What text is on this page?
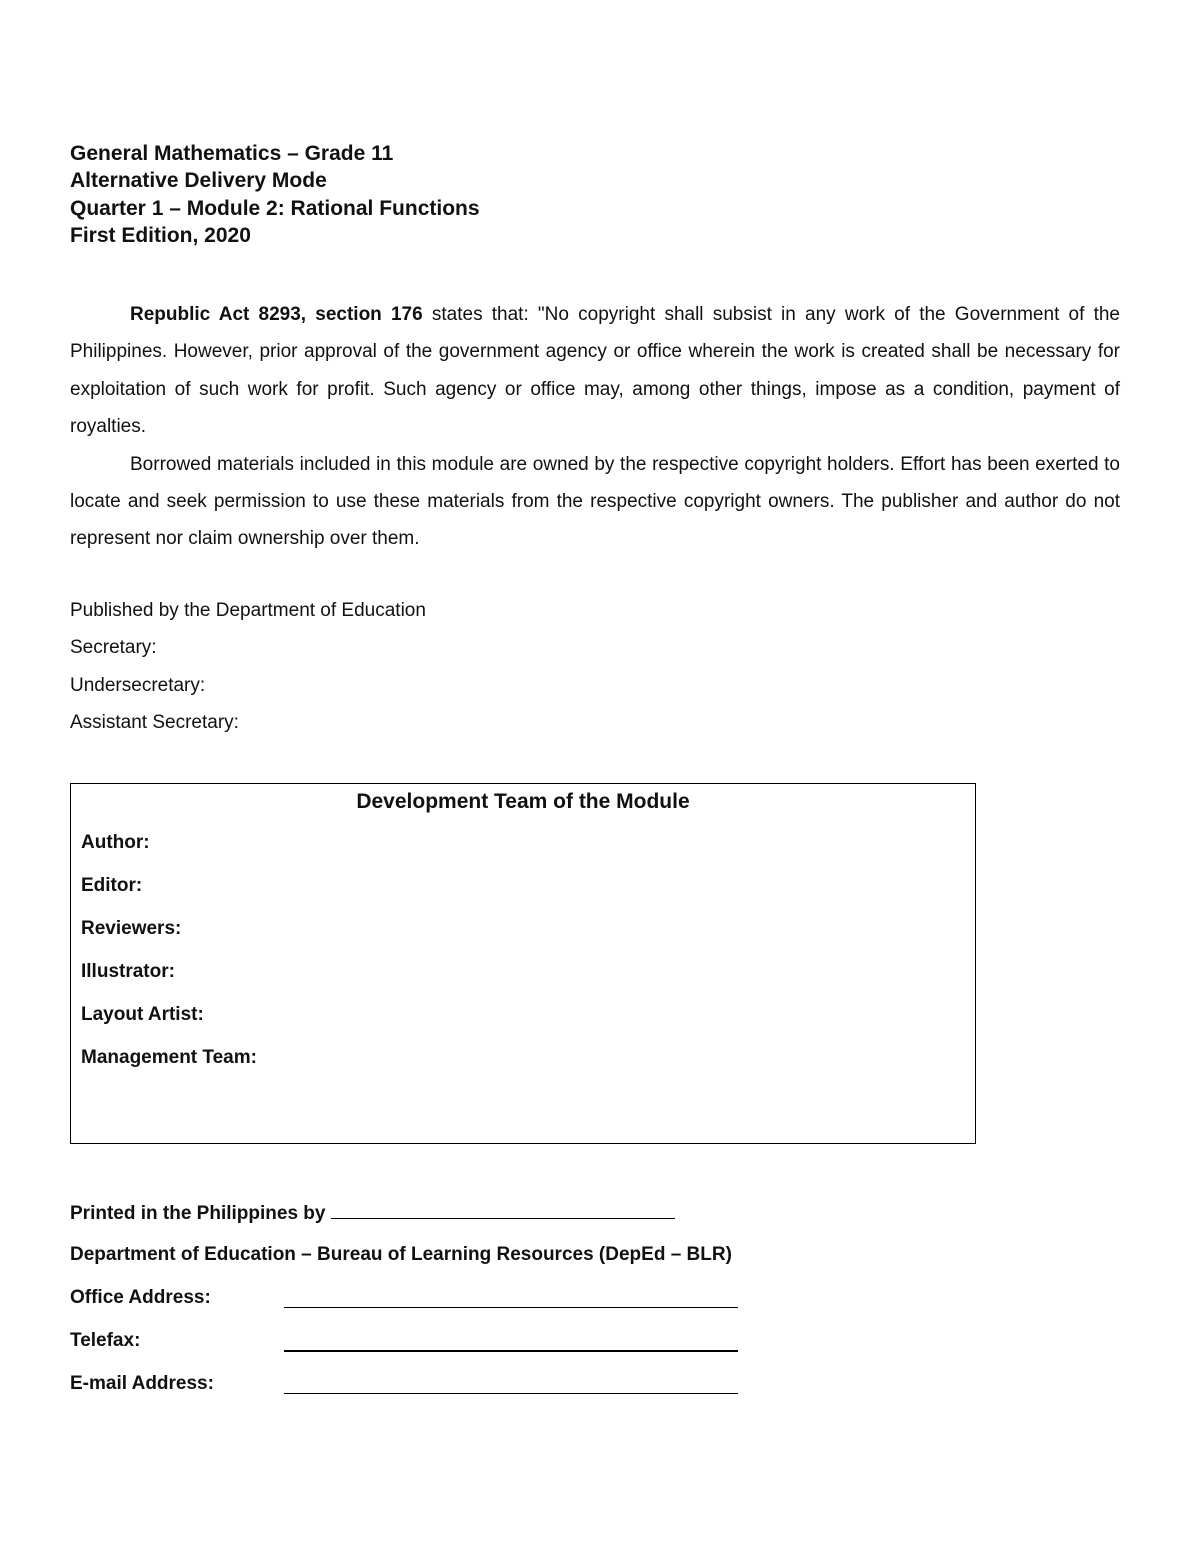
General Mathematics – Grade 11
Alternative Delivery Mode
Quarter 1 – Module 2: Rational Functions
First Edition, 2020

Republic Act 8293, section 176 states that: "No copyright shall subsist in any work of the Government of the Philippines. However, prior approval of the government agency or office wherein the work is created shall be necessary for exploitation of such work for profit. Such agency or office may, among other things, impose as a condition, payment of royalties.

Borrowed materials included in this module are owned by the respective copyright holders. Effort has been exerted to locate and seek permission to use these materials from the respective copyright owners. The publisher and author do not represent nor claim ownership over them.

Published by the Department of Education
Secretary:
Undersecretary:
Assistant Secretary:
Development Team of the Module
Author:
Editor:
Reviewers:
Illustrator:
Layout Artist:
Management Team:
Printed in the Philippines by
Department of Education – Bureau of Learning Resources (DepEd – BLR)
Office Address:
Telefax:
E-mail Address:
